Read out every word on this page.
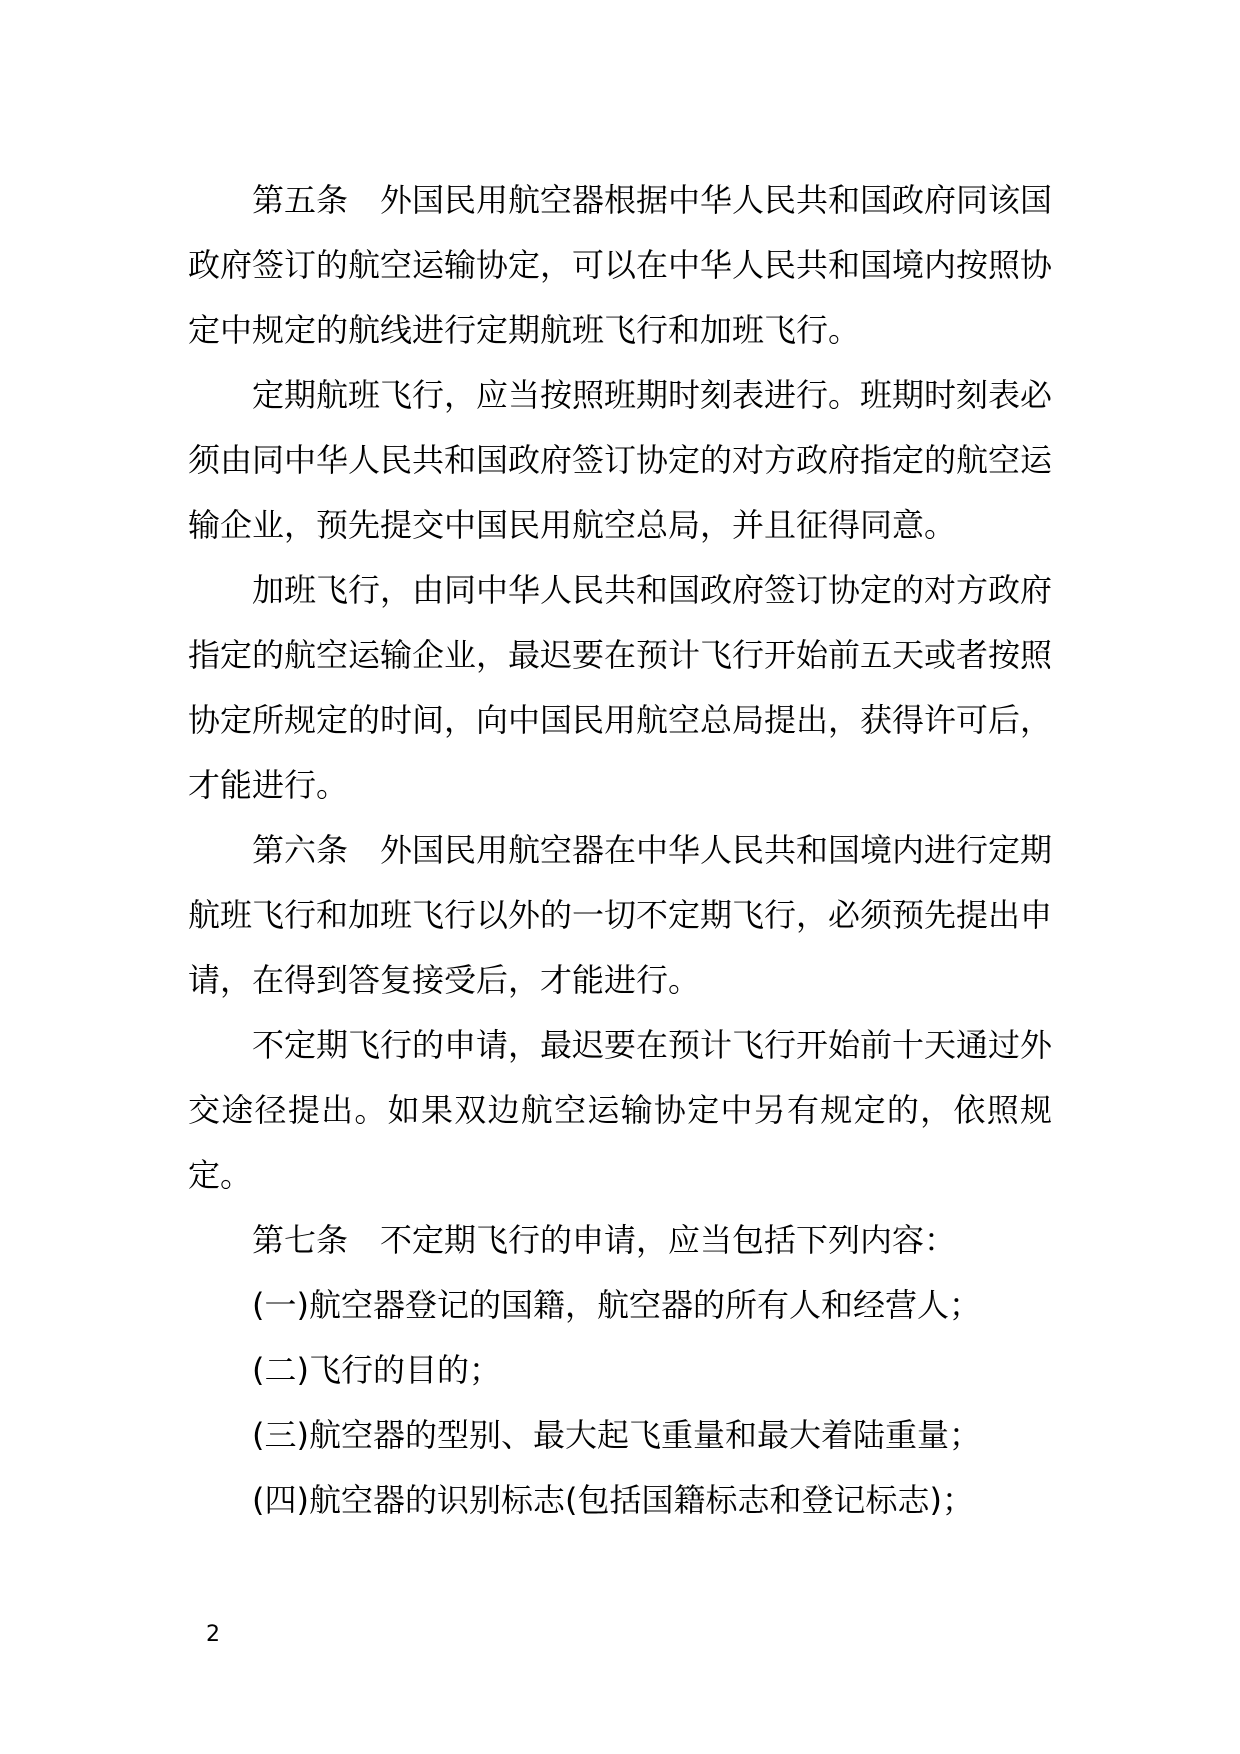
第五条　外国民用航空器根据中华人民共和国政府同该国政府签订的航空运输协定，可以在中华人民共和国境内按照协定中规定的航线进行定期航班飞行和加班飞行。

定期航班飞行，应当按照班期时刻表进行。班期时刻表必须由同中华人民共和国政府签订协定的对方政府指定的航空运输企业，预先提交中国民用航空总局，并且征得同意。

加班飞行，由同中华人民共和国政府签订协定的对方政府指定的航空运输企业，最迟要在预计飞行开始前五天或者按照协定所规定的时间，向中国民用航空总局提出，获得许可后，才能进行。

第六条　外国民用航空器在中华人民共和国境内进行定期航班飞行和加班飞行以外的一切不定期飞行，必须预先提出申请，在得到答复接受后，才能进行。

不定期飞行的申请，最迟要在预计飞行开始前十天通过外交途径提出。如果双边航空运输协定中另有规定的，依照规定。

第七条　不定期飞行的申请，应当包括下列内容：

(一)航空器登记的国籍，航空器的所有人和经营人；

(二)飞行的目的；

(三)航空器的型别、最大起飞重量和最大着陆重量；

(四)航空器的识别标志(包括国籍标志和登记标志)；

2
